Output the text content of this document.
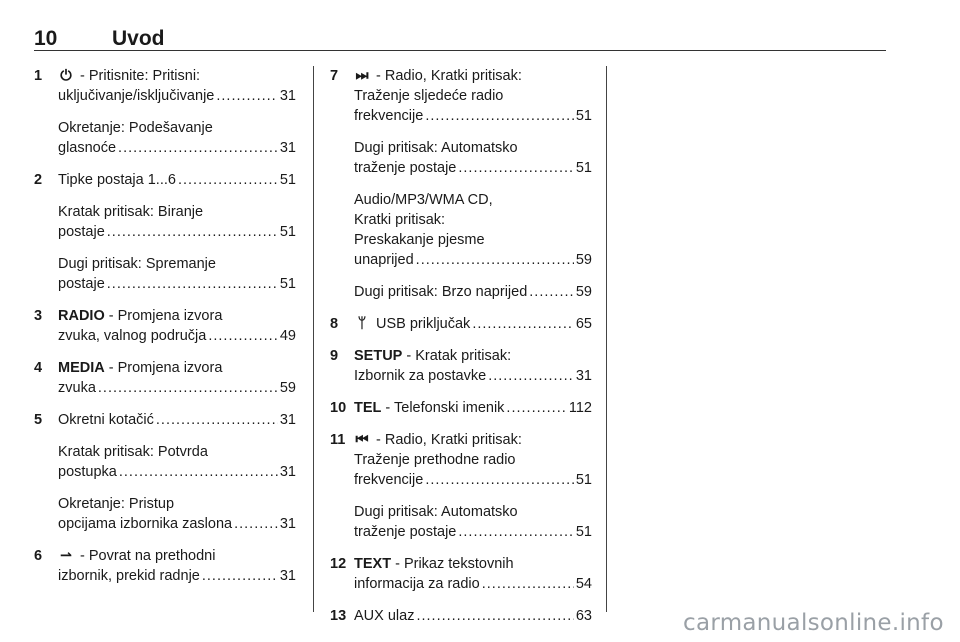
10	Uvod
1	⏻ - Pritisnite: Pritisni:
uključivanje/isključivanje .....	31
Okretanje: Podešavanje
glasnoće .....	31
2	Tipke postaja 1...6 .....	51
Kratak pritisak: Biranje
postaje .....	51
Dugi pritisak: Spremanje
postaje .....	51
3	RADIO - Promjena izvora
zvuka, valnog područja .....	49
4	MEDIA - Promjena izvora
zvuka .....	59
5	Okretni kotačić .....	31
Kratak pritisak: Potvrda
postupka .....	31
Okretanje: Pristup
opcijama izbornika zaslona .....	31
6	⇀ - Povrat na prethodni
izbornik, prekid radnje .....	31
7	⏭ - Radio, Kratki pritisak:
Traženje sljedeće radio
frekvencije .....	51
Dugi pritisak: Automatsko
traženje postaje .....	51
Audio/MP3/WMA CD,
Kratki pritisak:
Preskakanje pjesme
unaprijed .....	59
Dugi pritisak: Brzo naprijed .....	59
8	ᛘ USB priključak .....	65
9	SETUP - Kratak pritisak:
Izbornik za postavke .....	31
10 TEL - Telefonski imenik .....	112
11 ⏮ - Radio, Kratki pritisak:
Traženje prethodne radio
frekvencije .....	51
Dugi pritisak: Automatsko
traženje postaje .....	51
12 TEXT - Prikaz tekstovnih
informacija za radio .....	54
13 AUX ulaz .....	63	carmanualsonline.info
